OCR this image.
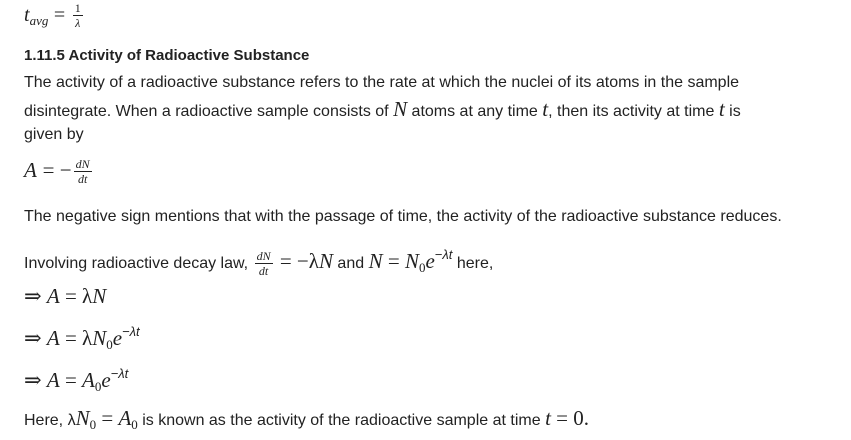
$t_{avg} = \frac{1}{\lambda}$
1.11.5 Activity of Radioactive Substance
The activity of a radioactive substance refers to the rate at which the nuclei of its atoms in the sample
disintegrate. When a radioactive sample consists of N atoms at any time t, then its activity at time t is
given by
A = − $\frac{dN}{dt}$
The negative sign mentions that with the passage of time, the activity of the radioactive substance reduces.
Involving radioactive decay law, $\frac{dN}{dt} = -\lambda N$ and $N = N_0e^{-\lambda t}$ here,
⇒ A = λN
⇒ $A = \lambda N_0e^{-\lambda t}$
⇒ $A = A_0e^{-\lambda t}$
Here, $\lambda N_0 = A_0$ is known as the activity of the radioactive sample at time t = 0.
